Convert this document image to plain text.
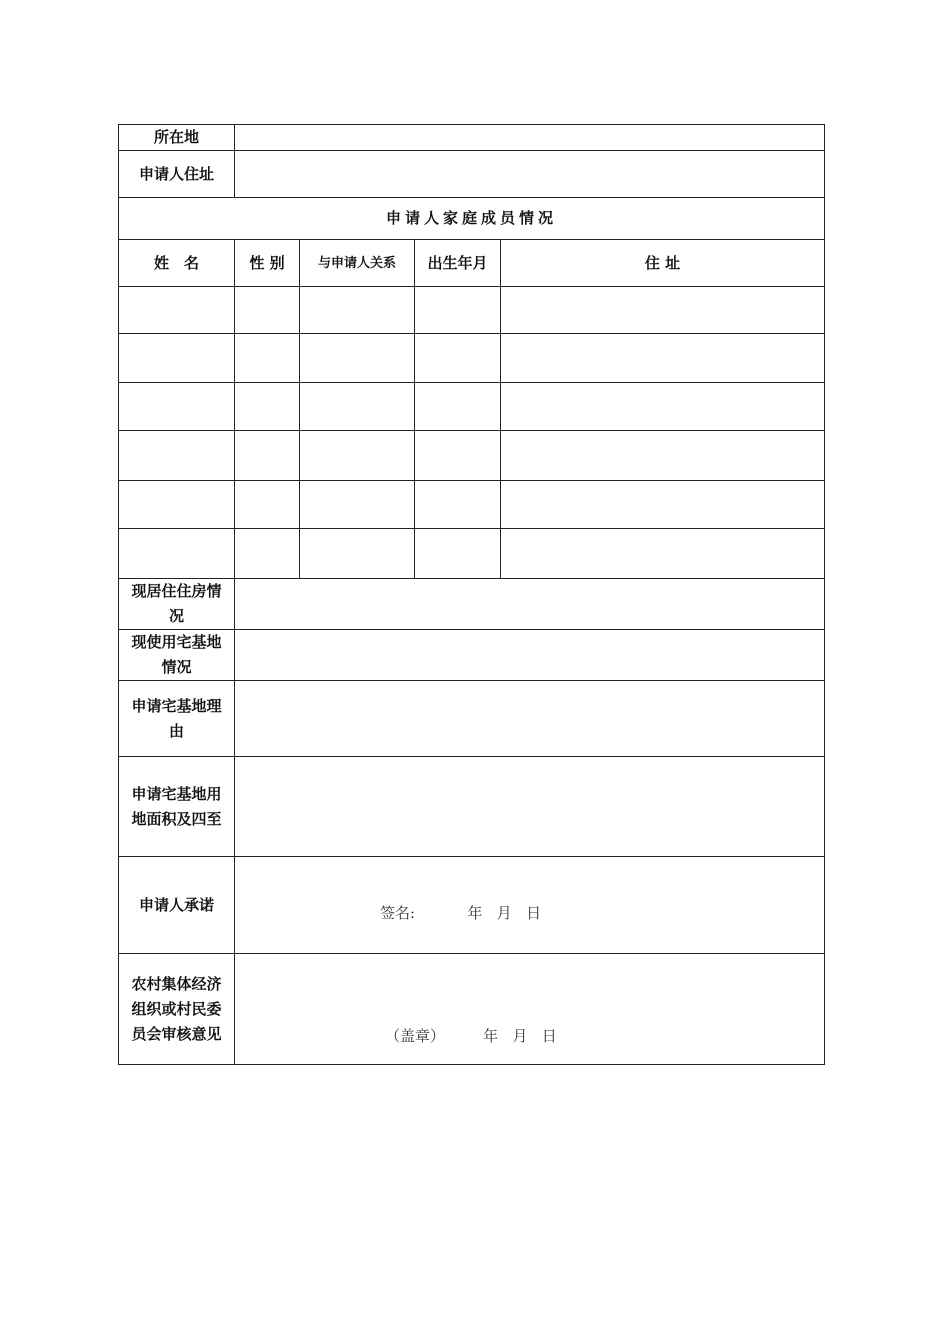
所在地				
申请人住址				
申请人家庭成员情况				
姓　名	性 别	与申请人关系	出生年月	住 址

现居住住房情况				
现使用宅基地情况				
申请宅基地理由				
申请宅基地用地面积及四至				
申请人承诺	签名:           年   月   日			

农村集体经济组织或村民委员会审核意见	（盖章）        年   月   日			
